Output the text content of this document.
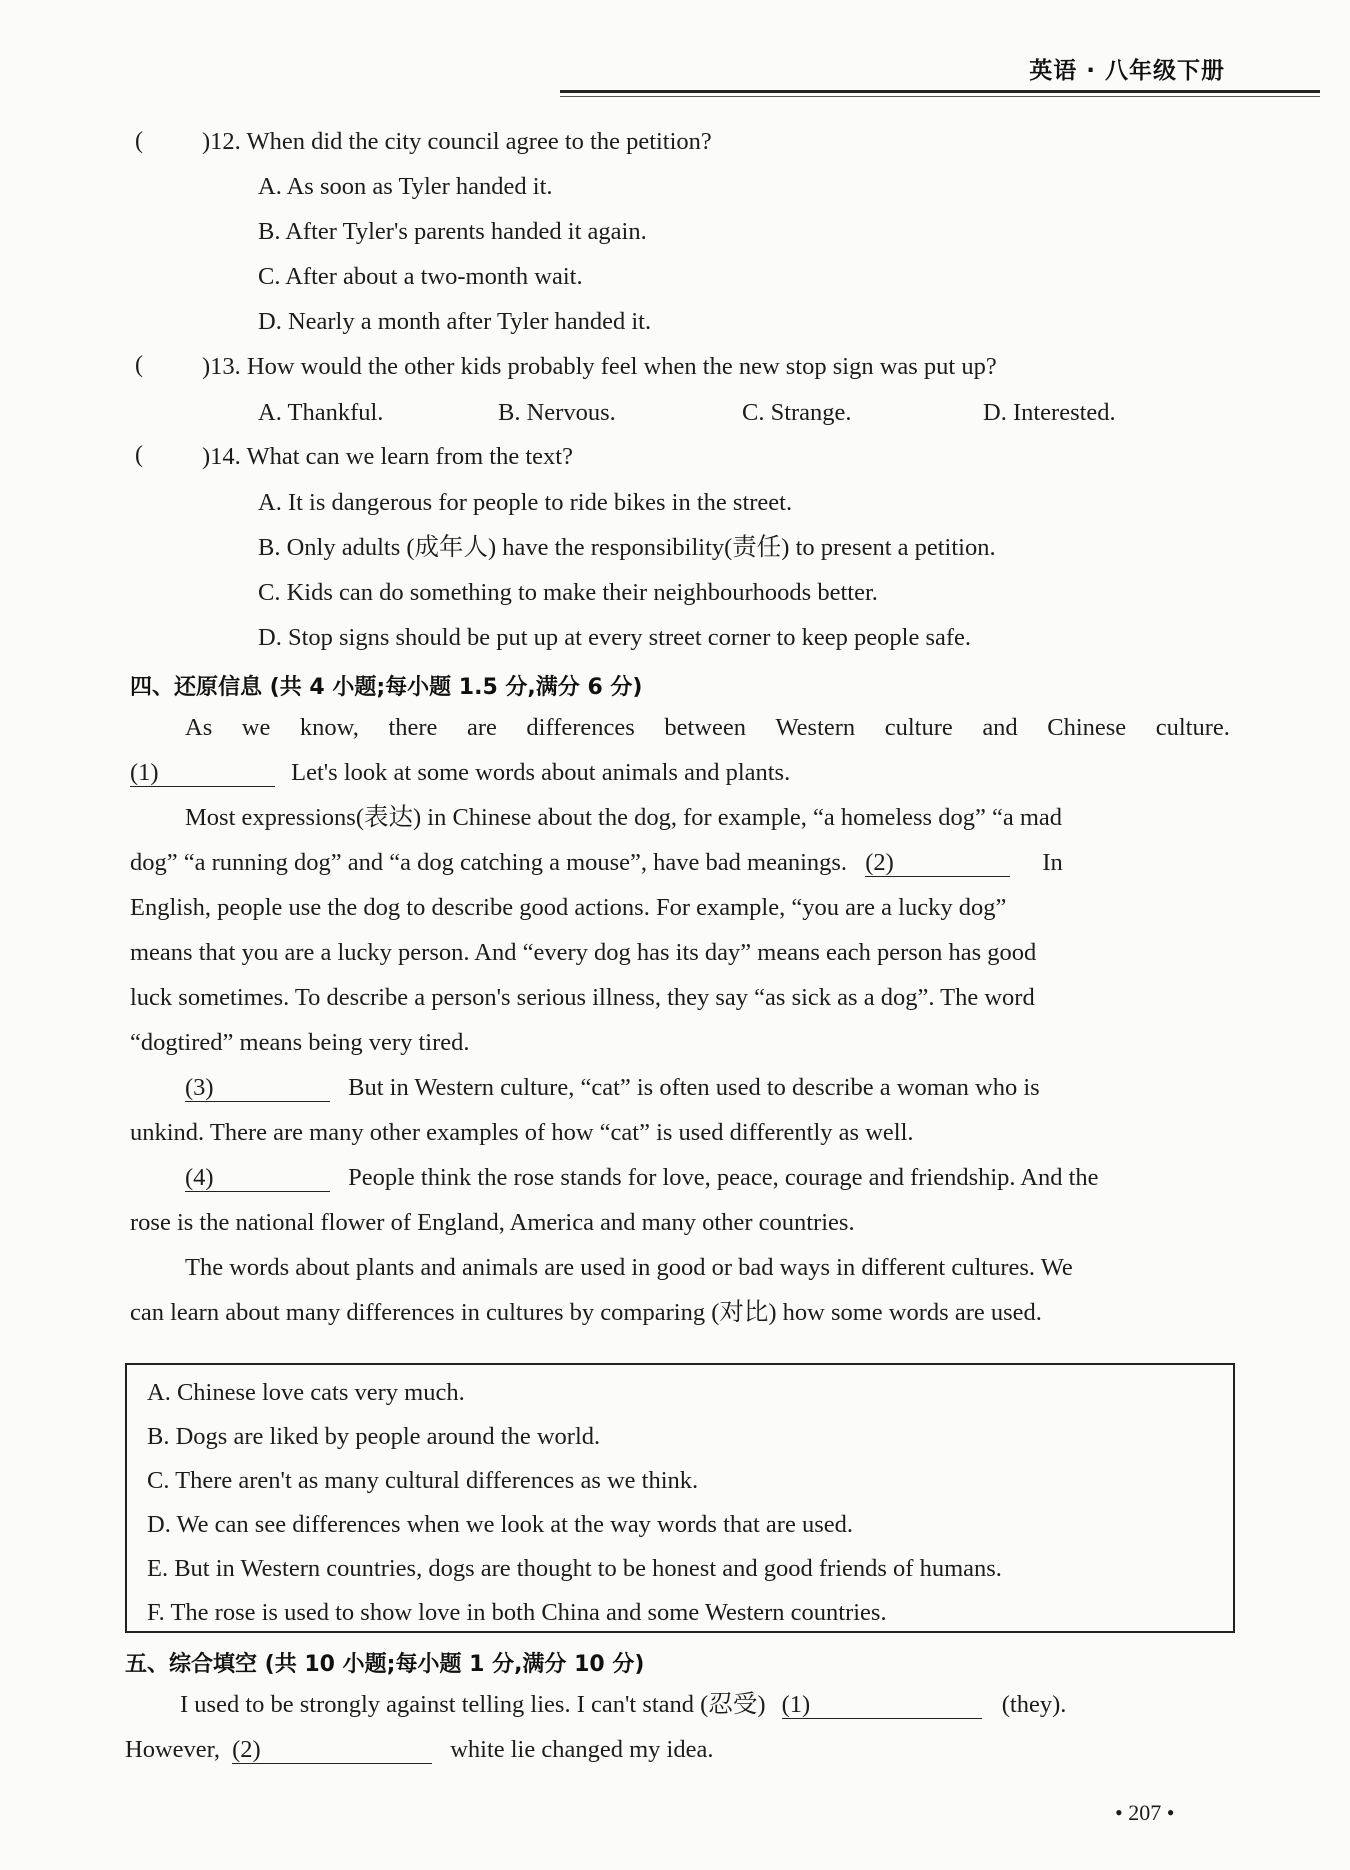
英语 · 八年级下册
( )12. When did the city council agree to the petition?
A. As soon as Tyler handed it.
B. After Tyler's parents handed it again.
C. After about a two-month wait.
D. Nearly a month after Tyler handed it.
( )13. How would the other kids probably feel when the new stop sign was put up?
A. Thankful.	B. Nervous.	C. Strange.	D. Interested.
( )14. What can we learn from the text?
A. It is dangerous for people to ride bikes in the street.
B. Only adults (成年人) have the responsibility(责任) to present a petition.
C. Kids can do something to make their neighbourhoods better.
D. Stop signs should be put up at every street corner to keep people safe.
四、还原信息 (共 4 小题;每小题 1.5 分,满分 6 分)
As we know, there are differences between Western culture and Chinese culture.
(1)	Let's look at some words about animals and plants.
Most expressions(表达) in Chinese about the dog, for example, “a homeless dog” “a mad
dog” “a running dog” and “a dog catching a mouse”, have bad meanings. (2)	In
English, people use the dog to describe good actions. For example, “you are a lucky dog”
means that you are a lucky person. And “every dog has its day” means each person has good
luck sometimes. To describe a person's serious illness, they say “as sick as a dog”. The word
“dogtired” means being very tired.
(3)	But in Western culture, “cat” is often used to describe a woman who is
unkind. There are many other examples of how “cat” is used differently as well.
(4)	People think the rose stands for love, peace, courage and friendship. And the
rose is the national flower of England, America and many other countries.
The words about plants and animals are used in good or bad ways in different cultures. We
can learn about many differences in cultures by comparing (对比) how some words are used.
A. Chinese love cats very much.
B. Dogs are liked by people around the world.
C. There aren't as many cultural differences as we think.
D. We can see differences when we look at the way words that are used.
E. But in Western countries, dogs are thought to be honest and good friends of humans.
F. The rose is used to show love in both China and some Western countries.
五、综合填空 (共 10 小题;每小题 1 分,满分 10 分)
I used to be strongly against telling lies. I can't stand (忍受) (1)	(they).
However, (2)	white lie changed my idea.
• 207 •
